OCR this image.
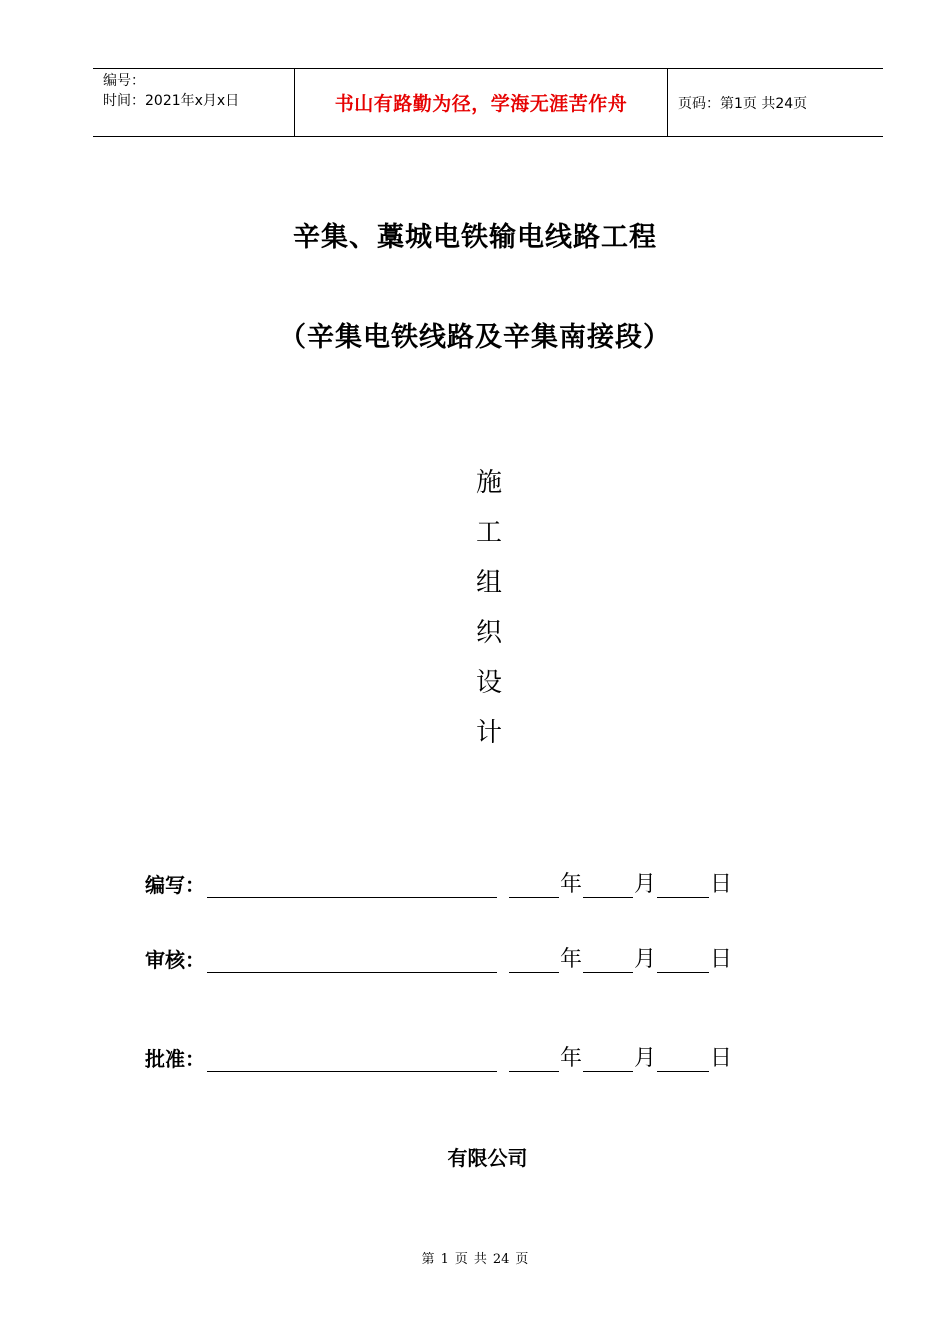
编号：
时间：2021年x月x日	书山有路勤为径，学海无涯苦作舟	页码：第1页 共24页
辛集、藁城电铁输电线路工程
（辛集电铁线路及辛集南接段）
施
工
组
织
设
计
编写：	年 月 日
审核：	年 月 日
批准：	年 月 日
有限公司
第 1 页 共 24 页
